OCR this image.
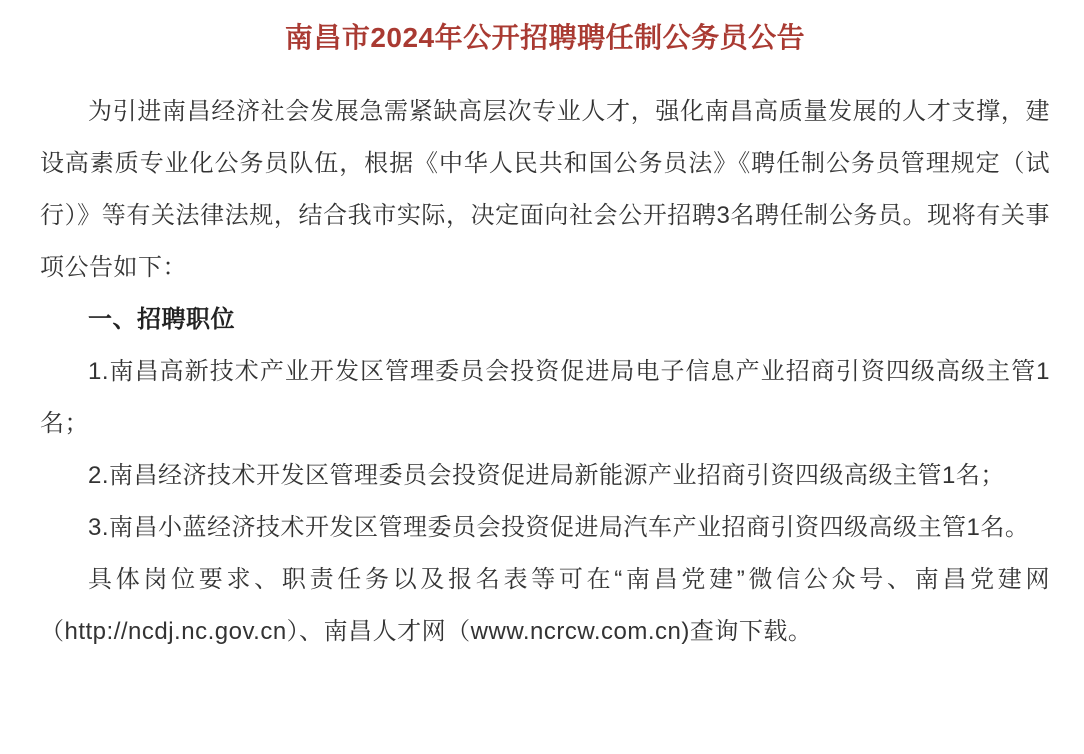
南昌市2024年公开招聘聘任制公务员公告

为引进南昌经济社会发展急需紧缺高层次专业人才，强化南昌高质量发展的人才支撑，建设高素质专业化公务员队伍，根据《中华人民共和国公务员法》《聘任制公务员管理规定（试行）》等有关法律法规，结合我市实际，决定面向社会公开招聘3名聘任制公务员。现将有关事项公告如下：

一、招聘职位

1.南昌高新技术产业开发区管理委员会投资促进局电子信息产业招商引资四级高级主管1名；

2.南昌经济技术开发区管理委员会投资促进局新能源产业招商引资四级高级主管1名；

3.南昌小蓝经济技术开发区管理委员会投资促进局汽车产业招商引资四级高级主管1名。

具体岗位要求、职责任务以及报名表等可在“南昌党建”微信公众号、南昌党建网（http://ncdj.nc.gov.cn）、南昌人才网（www.ncrcw.com.cn)查询下载。
